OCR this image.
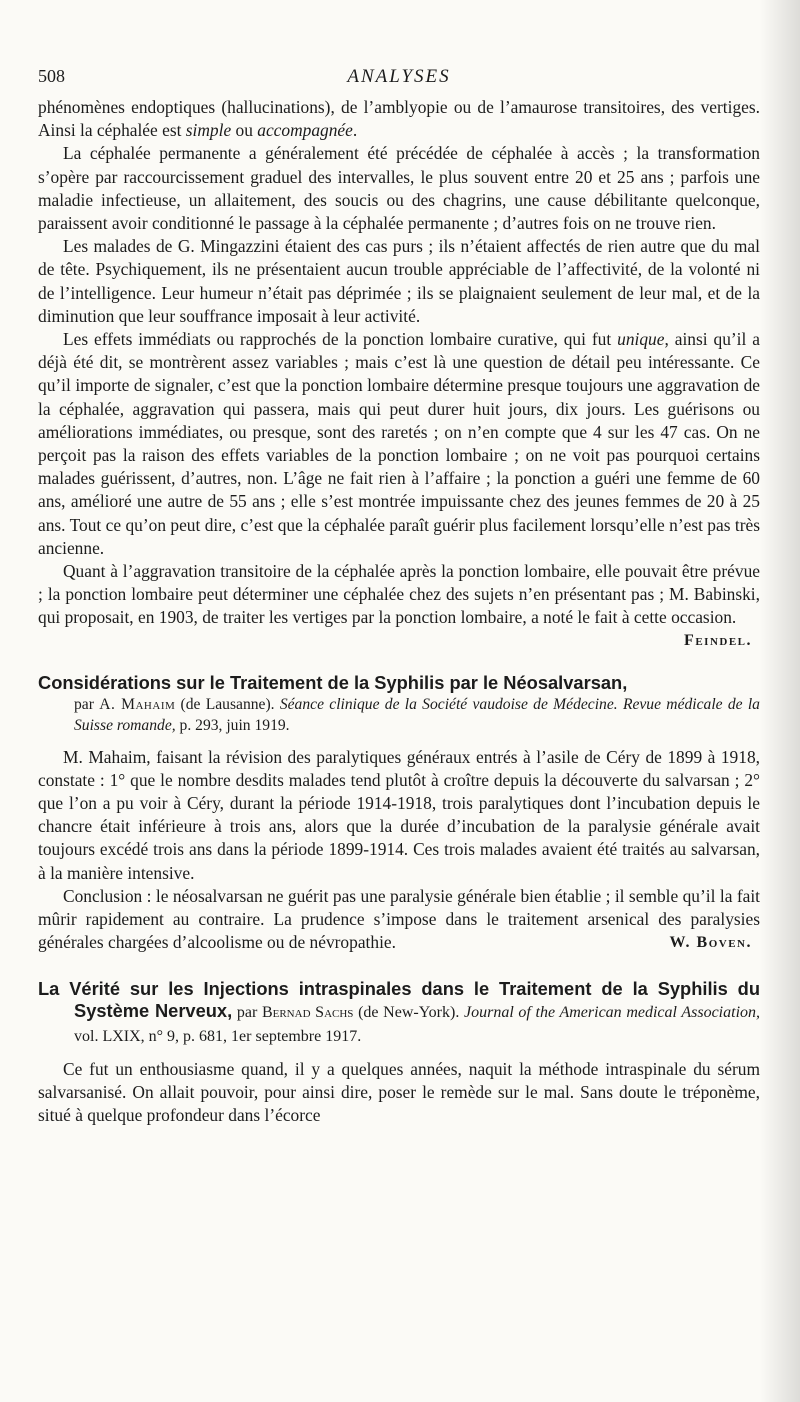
508	ANALYSES

phénomènes endoptiques (hallucinations), de l’amblyopie ou de l’amaurose transitoires, des vertiges. Ainsi la céphalée est simple ou accompagnée.

La céphalée permanente a généralement été précédée de céphalée à accès ; la transformation s’opère par raccourcissement graduel des intervalles, le plus souvent entre 20 et 25 ans ; parfois une maladie infectieuse, un allaitement, des soucis ou des chagrins, une cause débilitante quelconque, paraissent avoir conditionné le passage à la céphalée permanente ; d’autres fois on ne trouve rien.

Les malades de G. Mingazzini étaient des cas purs ; ils n’étaient affectés de rien autre que du mal de tête. Psychiquement, ils ne présentaient aucun trouble appréciable de l’affectivité, de la volonté ni de l’intelligence. Leur humeur n’était pas déprimée ; ils se plaignaient seulement de leur mal, et de la diminution que leur souffrance imposait à leur activité.

Les effets immédiats ou rapprochés de la ponction lombaire curative, qui fut unique, ainsi qu’il a déjà été dit, se montrèrent assez variables ; mais c’est là une question de détail peu intéressante. Ce qu’il importe de signaler, c’est que la ponction lombaire détermine presque toujours une aggravation de la céphalée, aggravation qui passera, mais qui peut durer huit jours, dix jours. Les guérisons ou améliorations immédiates, ou presque, sont des raretés ; on n’en compte que 4 sur les 47 cas. On ne perçoit pas la raison des effets variables de la ponction lombaire ; on ne voit pas pourquoi certains malades guérissent, d’autres, non. L’âge ne fait rien à l’affaire ; la ponction a guéri une femme de 60 ans, amélioré une autre de 55 ans ; elle s’est montrée impuissante chez des jeunes femmes de 20 à 25 ans. Tout ce qu’on peut dire, c’est que la céphalée paraît guérir plus facilement lorsqu’elle n’est pas très ancienne.

Quant à l’aggravation transitoire de la céphalée après la ponction lombaire, elle pouvait être prévue ; la ponction lombaire peut déterminer une céphalée chez des sujets n’en présentant pas ; M. Babinski, qui proposait, en 1903, de traiter les vertiges par la ponction lombaire, a noté le fait à cette occasion.

Feindel.
Considérations sur le Traitement de la Syphilis par le Néosalvarsan,
par A. Mahaim (de Lausanne). Séance clinique de la Société vaudoise de Médecine. Revue médicale de la Suisse romande, p. 293, juin 1919.

M. Mahaim, faisant la révision des paralytiques généraux entrés à l’asile de Céry de 1899 à 1918, constate : 1° que le nombre desdits malades tend plutôt à croître depuis la découverte du salvarsan ; 2° que l’on a pu voir à Céry, durant la période 1914-1918, trois paralytiques dont l’incubation depuis le chancre était inférieure à trois ans, alors que la durée d’incubation de la paralysie générale avait toujours excédé trois ans dans la période 1899-1914. Ces trois malades avaient été traités au salvarsan, à la manière intensive.

Conclusion : le néosalvarsan ne guérit pas une paralysie générale bien établie ; il semble qu’il la fait mûrir rapidement au contraire. La prudence s’impose dans le traitement arsenical des paralysies générales chargées d’alcoolisme ou de névropathie.	W. Boven.
La Vérité sur les Injections intraspinales dans le Traitement de la Syphilis du Système Nerveux, par Bernad Sachs (de New-York). Journal of the American medical Association, vol. LXIX, n° 9, p. 681, 1er septembre 1917.

Ce fut un enthousiasme quand, il y a quelques années, naquit la méthode intraspinale du sérum salvarsanisé. On allait pouvoir, pour ainsi dire, poser le remède sur le mal. Sans doute le tréponème, situé à quelque profondeur dans l’écorce
